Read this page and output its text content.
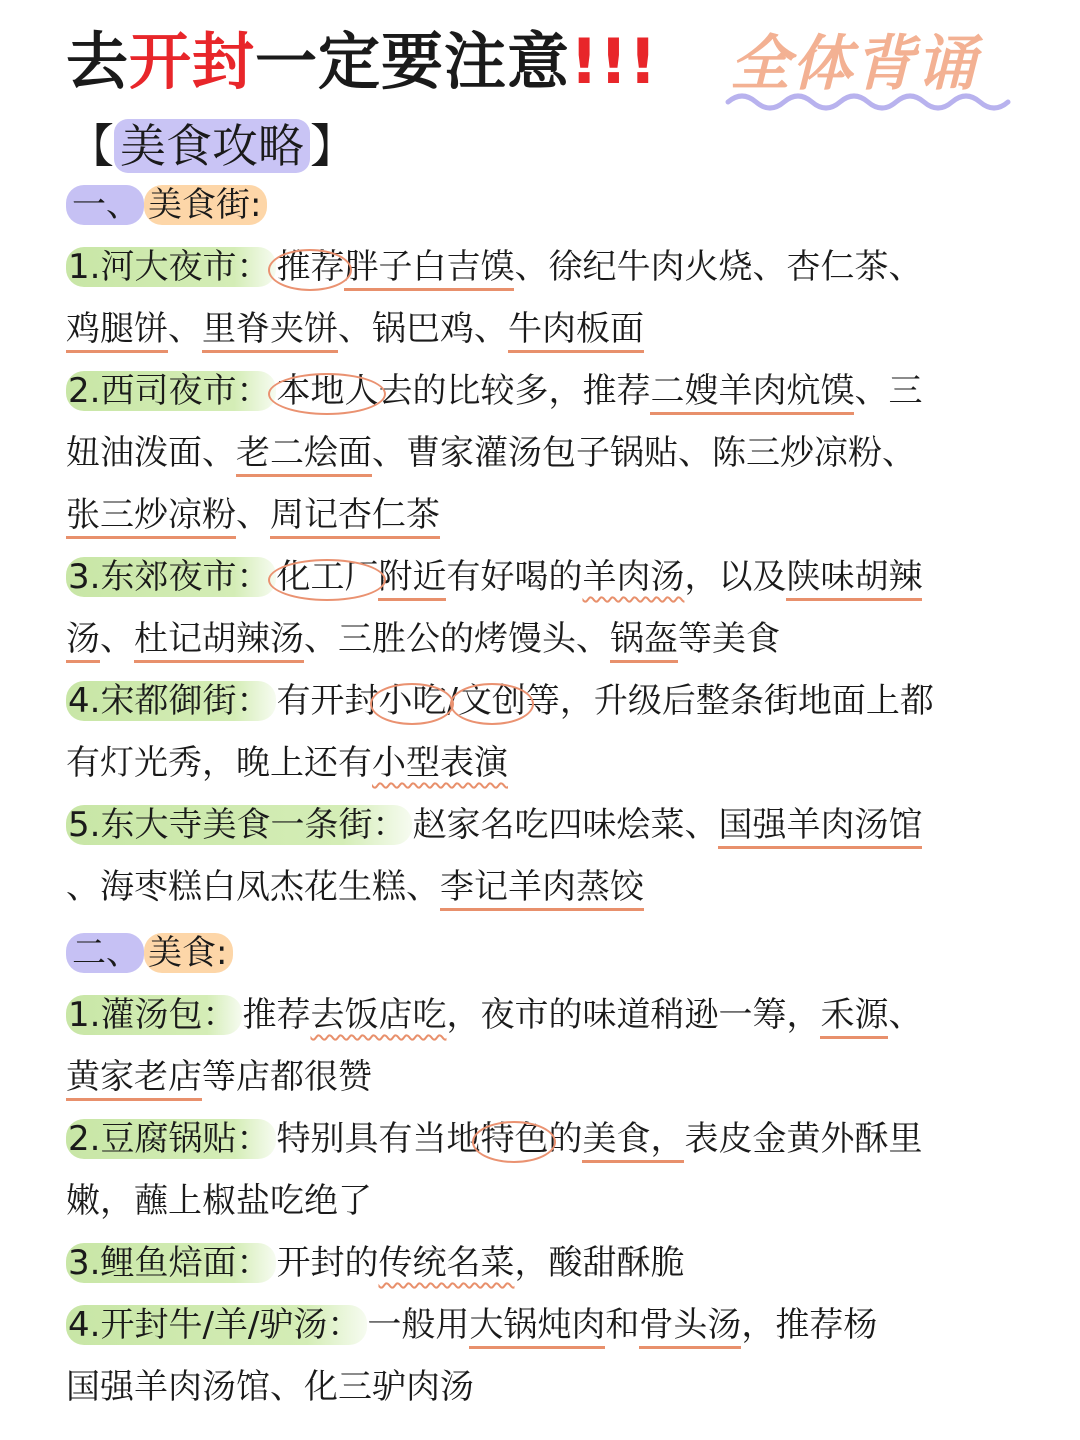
去开封一定要注意!!! 全体背诵
【 美食攻略 】
一、 美食街:
1.河大夜市： 推荐胖子白吉馍、徐纪牛肉火烧、杏仁茶、
鸡腿饼、里脊夹饼、锅巴鸡、牛肉板面
2.西司夜市： 本地人去的比较多，推荐二嫂羊肉炕馍、三
妞油泼面、老二烩面、曹家灌汤包子锅贴、陈三炒凉粉、
张三炒凉粉、周记杏仁茶
3.东郊夜市： 化工厂附近有好喝的羊肉汤，以及陕味胡辣
汤、杜记胡辣汤、三胜公的烤馒头、锅盔等美食
4.宋都御街： 有开封小吃/文创等，升级后整条街地面上都
有灯光秀，晚上还有小型表演
5.东大寺美食一条街： 赵家名吃四味烩菜、国强羊肉汤馆
、海枣糕白凤杰花生糕、李记羊肉蒸饺
二、 美食:
1.灌汤包： 推荐去饭店吃，夜市的味道稍逊一筹，禾源、
黄家老店等店都很赞
2.豆腐锅贴： 特别具有当地特色的美食，表皮金黄外酥里
嫩，蘸上椒盐吃绝了
3.鲤鱼焙面： 开封的传统名菜，酸甜酥脆
4.开封牛/羊/驴汤： 一般用大锅炖肉和骨头汤，推荐杨
国强羊肉汤馆、化三驴肉汤
